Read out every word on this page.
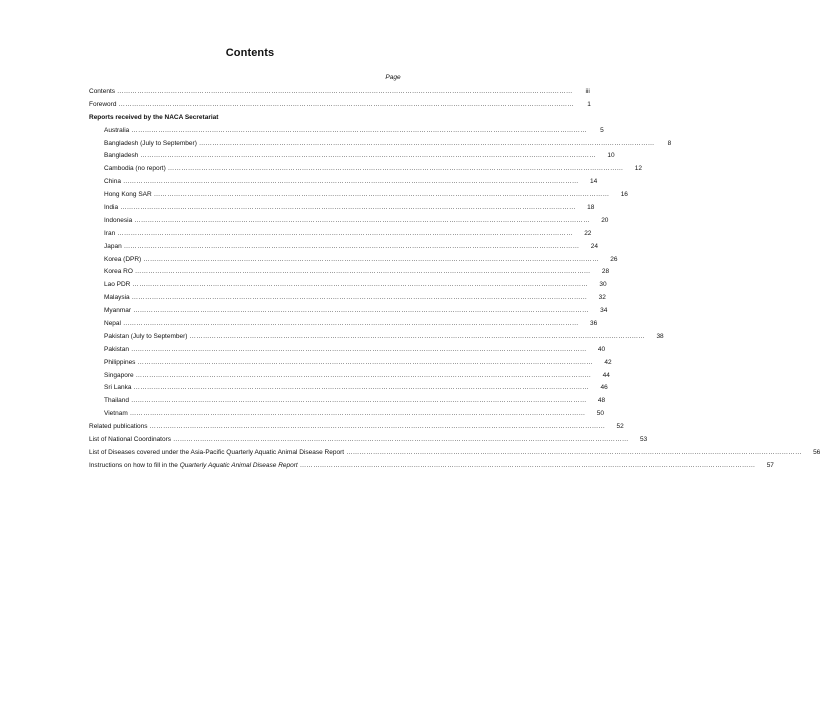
Contents
Page
Contents ……………………………………………………………………………………………………………………………………………………………………………………	iii
Foreword ……………………………………………………………………………………………………………………………………………………………………………………	1
Reports received by the NACA Secretariat
Australia ……………………………………………………………………………………………………………………………………………………………………………………	5
Bangladesh (July to September) ……………………………………………………………………………………………………………………………………………………………………………………	8
Bangladesh ……………………………………………………………………………………………………………………………………………………………………………………	10
Cambodia (no report) ……………………………………………………………………………………………………………………………………………………………………………………	12
China ……………………………………………………………………………………………………………………………………………………………………………………	14
Hong Kong SAR ……………………………………………………………………………………………………………………………………………………………………………………	16
India ……………………………………………………………………………………………………………………………………………………………………………………	18
Indonesia ……………………………………………………………………………………………………………………………………………………………………………………	20
Iran ……………………………………………………………………………………………………………………………………………………………………………………	22
Japan ……………………………………………………………………………………………………………………………………………………………………………………	24
Korea (DPR) ……………………………………………………………………………………………………………………………………………………………………………………	26
Korea RO ……………………………………………………………………………………………………………………………………………………………………………………	28
Lao PDR ……………………………………………………………………………………………………………………………………………………………………………………	30
Malaysia ……………………………………………………………………………………………………………………………………………………………………………………	32
Myanmar ……………………………………………………………………………………………………………………………………………………………………………………	34
Nepal ……………………………………………………………………………………………………………………………………………………………………………………	36
Pakistan (July to September) ……………………………………………………………………………………………………………………………………………………………………………………	38
Pakistan ……………………………………………………………………………………………………………………………………………………………………………………	40
Philippines ……………………………………………………………………………………………………………………………………………………………………………………	42
Singapore ……………………………………………………………………………………………………………………………………………………………………………………	44
Sri Lanka ……………………………………………………………………………………………………………………………………………………………………………………	46
Thailand ……………………………………………………………………………………………………………………………………………………………………………………	48
Vietnam ……………………………………………………………………………………………………………………………………………………………………………………	50
Related publications ……………………………………………………………………………………………………………………………………………………………………………………	52
List of National Coordinators ……………………………………………………………………………………………………………………………………………………………………………………	53
List of Diseases covered under the Asia-Pacific Quarterly Aquatic Animal Disease Report ……………………………………………………………………………………………………………………………………………………………………………………	56
Instructions on how to fill in the Quarterly Aquatic Animal Disease Report ……………………………………………………………………………………………………………………………………………………………………………………	57
